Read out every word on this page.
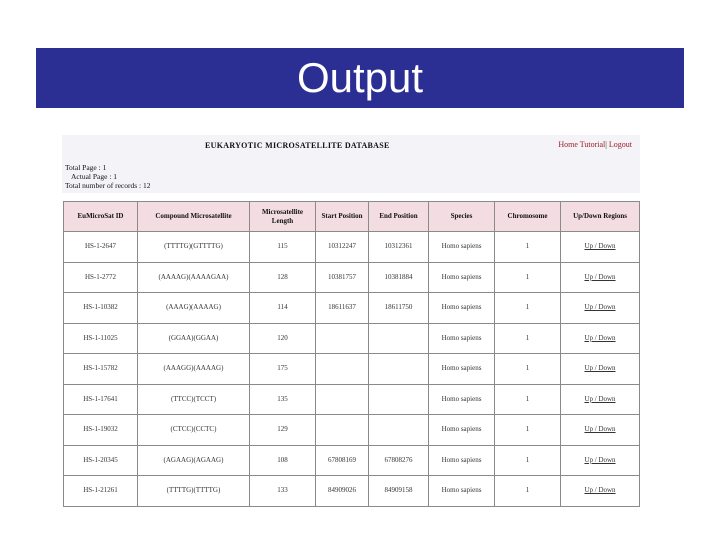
Output
EUKARYOTIC MICROSATELLITE DATABASE	Home Tutorial| Logout
Total Page : 1
Actual Page : 1
Total number of records : 12
EuMicroSat ID	Compound Microsatellite	Microsatellite Length	Start Position	End Position	Species	Chromosome	Up/Down Regions
HS-1-2647	(TTTTG)(GTTTTG)	115	10312247	10312361	Homo sapiens	1	Up / Down
HS-1-2772	(AAAAG)(AAAAGAA)	128	10381757	10381884	Homo sapiens	1	Up / Down
HS-1-10382	(AAAG)(AAAAG)	114	18611637	18611750	Homo sapiens	1	Up / Down
HS-1-11025	(GGAA)(GGAA)	120			Homo sapiens	1	Up / Down
HS-1-15782	(AAAGG)(AAAAG)	175			Homo sapiens	1	Up / Down
HS-1-17641	(TTCC)(TCCT)	135			Homo sapiens	1	Up / Down
HS-1-19032	(CTCC)(CCTC)	129			Homo sapiens	1	Up / Down
HS-1-20345	(AGAAG)(AGAAG)	108	67808169	67808276	Homo sapiens	1	Up / Down
HS-1-21261	(TTTTG)(TTTTG)	133	84909026	84909158	Homo sapiens	1	Up / Down
